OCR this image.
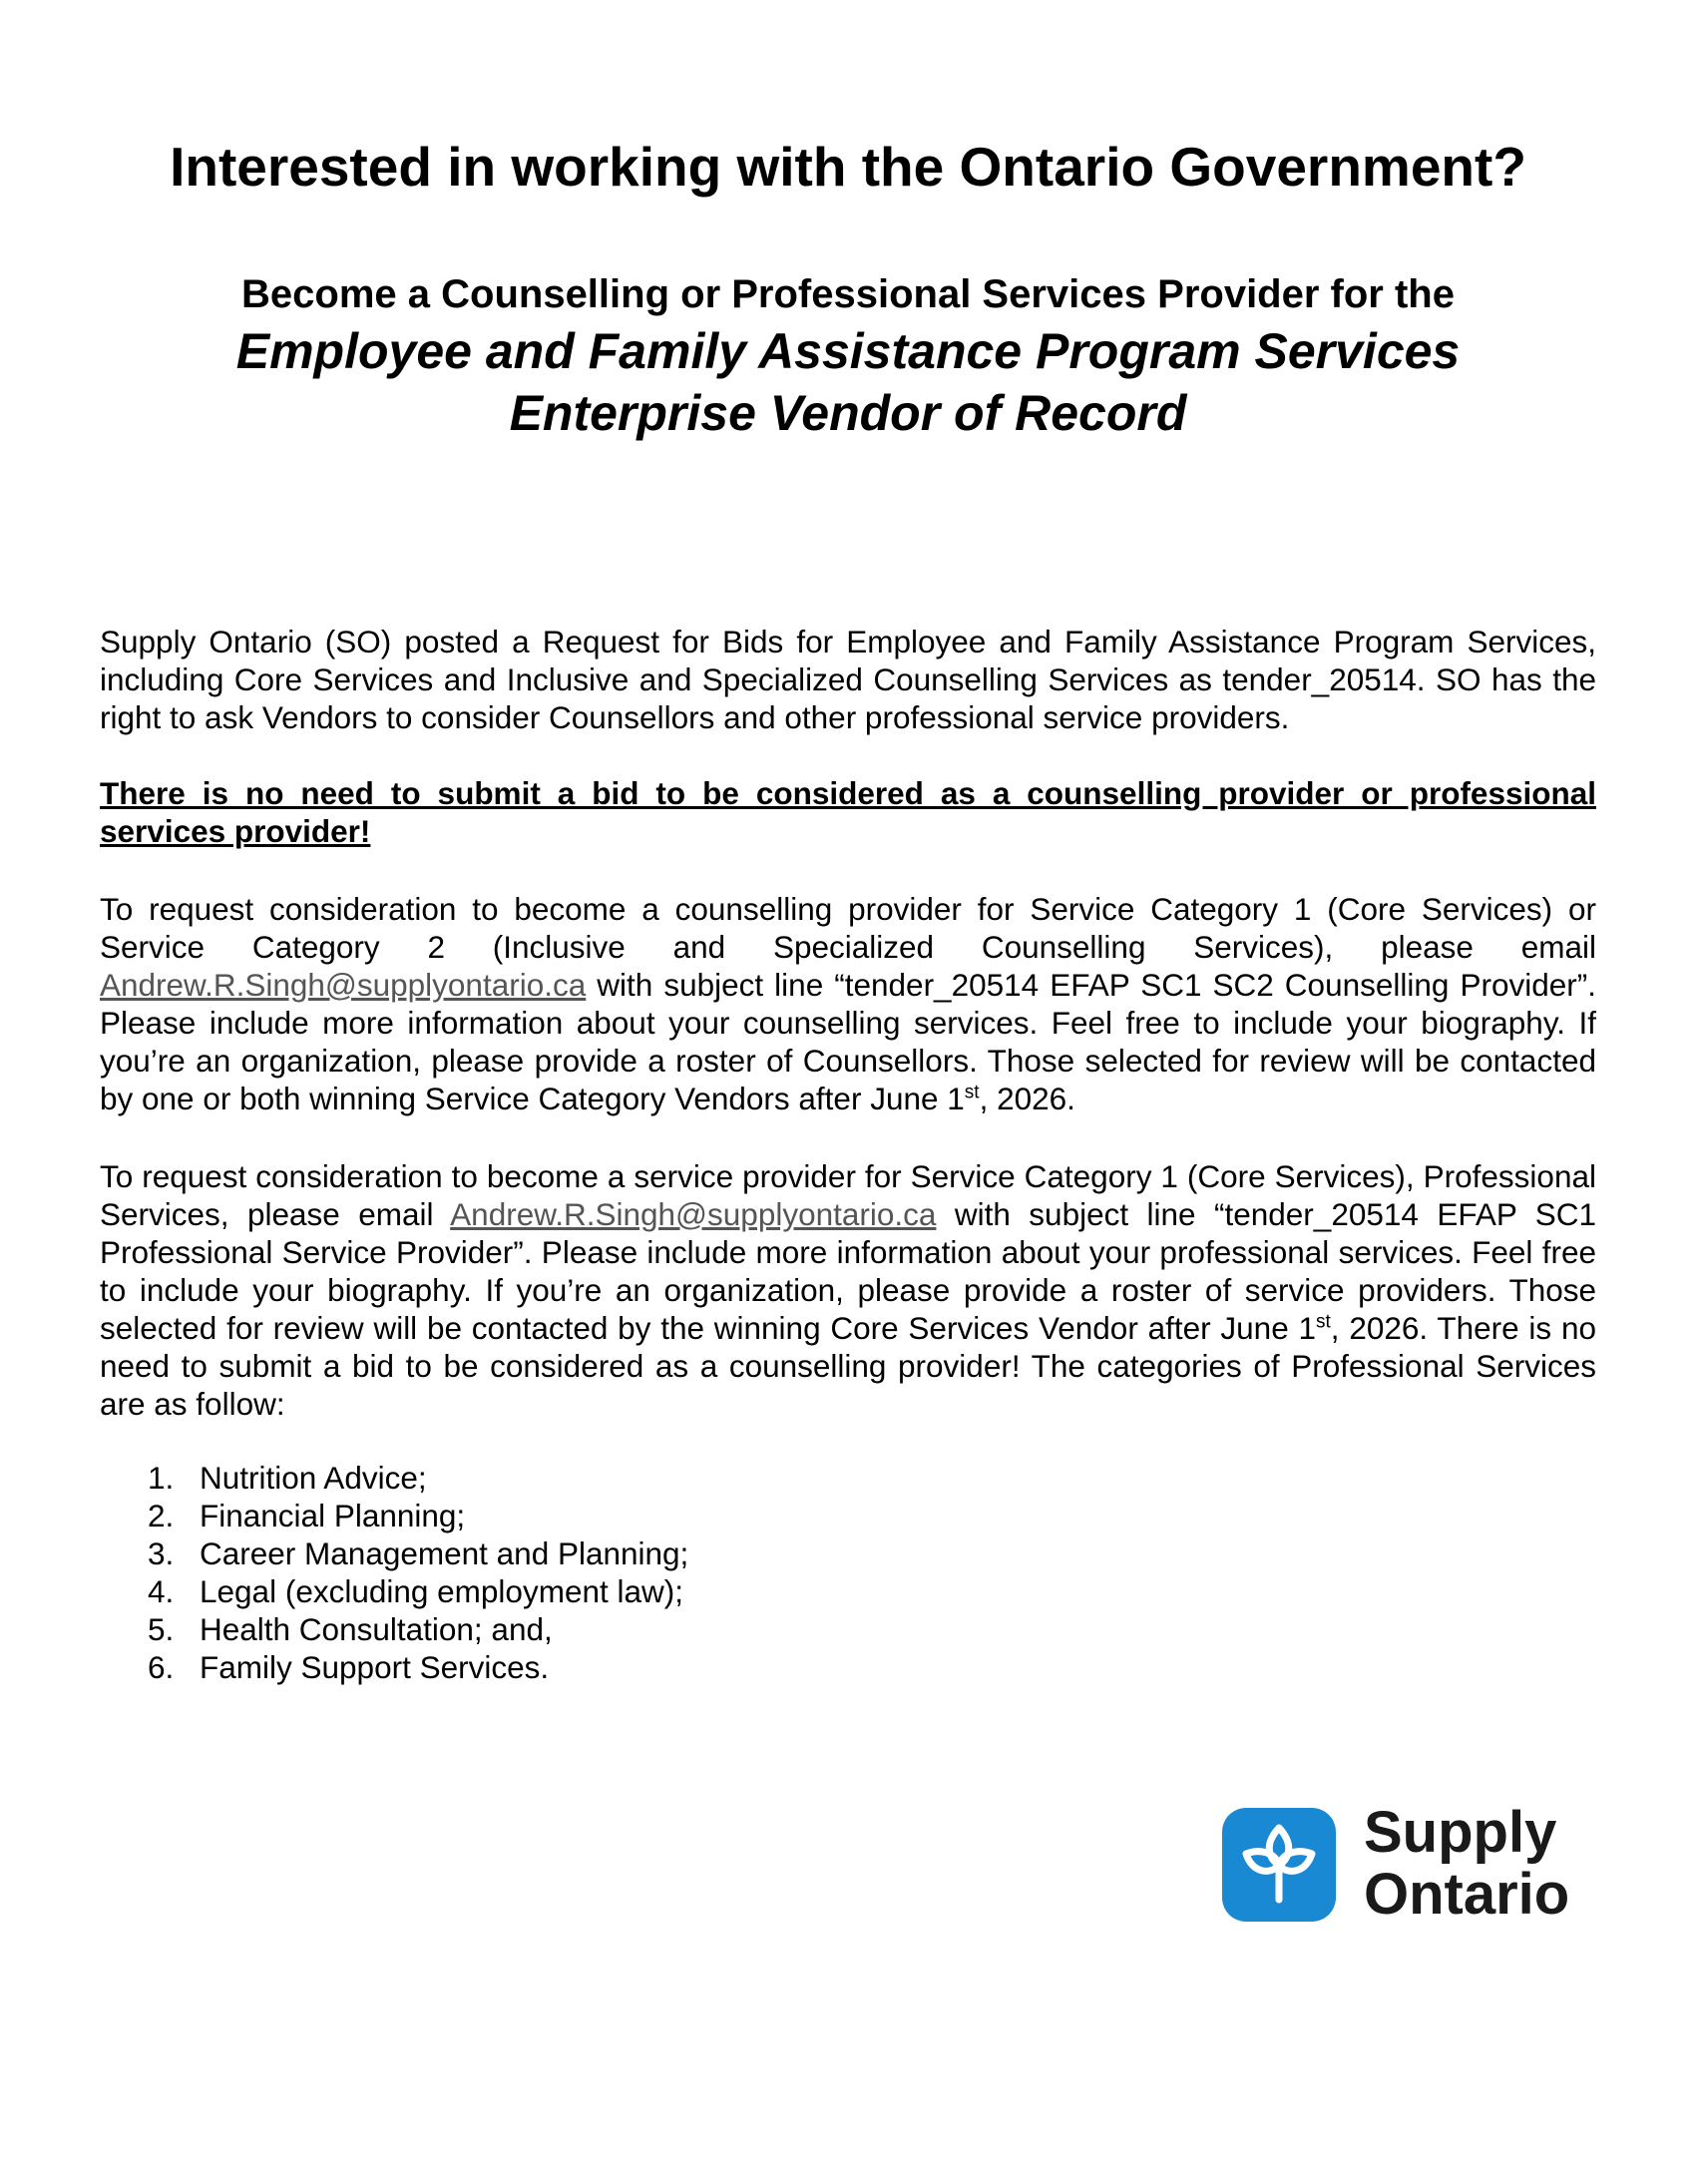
Interested in working with the Ontario Government?

Become a Counselling or Professional Services Provider for the

Employee and Family Assistance Program Services
Enterprise Vendor of Record

Supply Ontario (SO) posted a Request for Bids for Employee and Family Assistance Program Services, including Core Services and Inclusive and Specialized Counselling Services as tender_20514. SO has the right to ask Vendors to consider Counsellors and other professional service providers.

There is no need to submit a bid to be considered as a counselling provider or professional services provider!

To request consideration to become a counselling provider for Service Category 1 (Core Services) or Service Category 2 (Inclusive and Specialized Counselling Services), please email Andrew.R.Singh@supplyontario.ca with subject line “tender_20514 EFAP SC1 SC2 Counselling Provider”. Please include more information about your counselling services. Feel free to include your biography. If you’re an organization, please provide a roster of Counsellors. Those selected for review will be contacted by one or both winning Service Category Vendors after June 1st, 2026.

To request consideration to become a service provider for Service Category 1 (Core Services), Professional Services, please email Andrew.R.Singh@supplyontario.ca with subject line “tender_20514 EFAP SC1 Professional Service Provider”. Please include more information about your professional services. Feel free to include your biography. If you’re an organization, please provide a roster of service providers. Those selected for review will be contacted by the winning Core Services Vendor after June 1st, 2026. There is no need to submit a bid to be considered as a counselling provider! The categories of Professional Services are as follow:

1. Nutrition Advice;
2. Financial Planning;
3. Career Management and Planning;
4. Legal (excluding employment law);
5. Health Consultation; and,
6. Family Support Services.
Supply
Ontario
